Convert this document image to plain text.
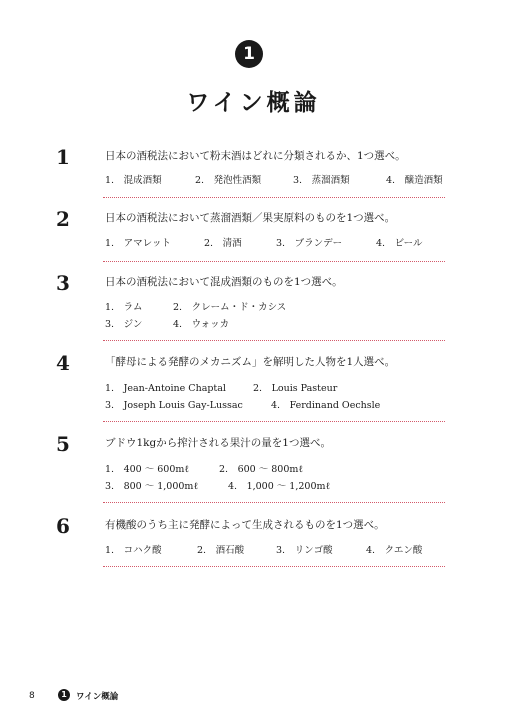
1
ワイン概論
1	日本の酒税法において粉末酒はどれに分類されるか、1つ選べ。
1.　混成酒類	2.　発泡性酒類	3.　蒸溜酒類	4.　醸造酒類
2	日本の酒税法において蒸溜酒類／果実原料のものを1つ選べ。
1.　アマレット	2.　清酒	3.　ブランデー	4.　ビール
3	日本の酒税法において混成酒類のものを1つ選べ。
1.　ラム	2.　クレーム・ド・カシス
3.　ジン	4.　ウォッカ
4	「酵母による発酵のメカニズム」を解明した人物を1人選べ。
1.　Jean-Antoine Chaptal	2.　Louis Pasteur
3.　Joseph Louis Gay-Lussac	4.　Ferdinand Oechsle
5	ブドウ1kgから搾汁される果汁の量を1つ選べ。
1.　400 ～ 600mℓ	2.　600 ～ 800mℓ
3.　800 ～ 1,000mℓ	4.　1,000 ～ 1,200mℓ
6	有機酸のうち主に発酵によって生成されるものを1つ選べ。
1.　コハク酸	2.　酒石酸	3.　リンゴ酸	4.　クエン酸
8	1	ワイン概論
